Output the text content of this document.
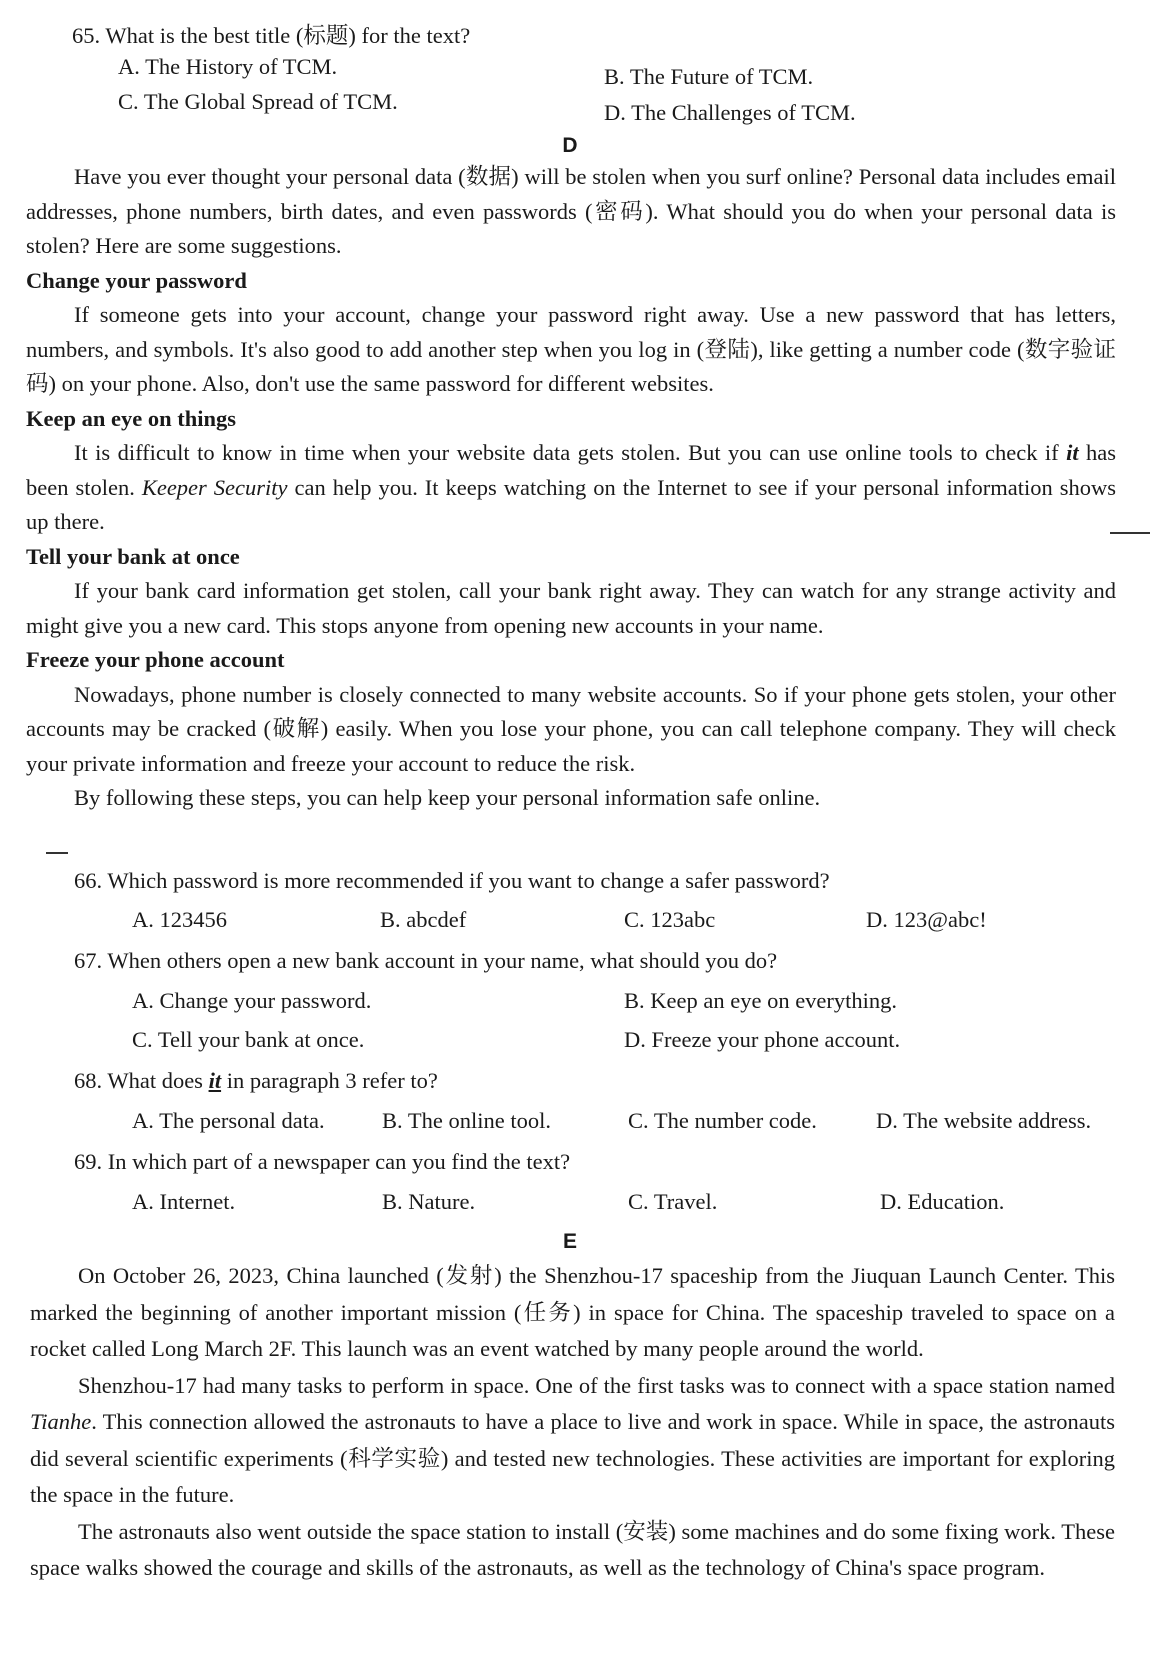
65. What is the best title (标题) for the text?
A. The History of TCM.	B. The Future of TCM.
C. The Global Spread of TCM.	D. The Challenges of TCM.
D

Have you ever thought your personal data (数据) will be stolen when you surf online? Personal data includes email addresses, phone numbers, birth dates, and even passwords (密码). What should you do when your personal data is stolen? Here are some suggestions.

Change your password

If someone gets into your account, change your password right away. Use a new password that has letters, numbers, and symbols. It's also good to add another step when you log in (登陆), like getting a number code (数字验证码) on your phone. Also, don't use the same password for different websites.

Keep an eye on things

It is difficult to know in time when your website data gets stolen. But you can use online tools to check if it has been stolen. Keeper Security can help you. It keeps watching on the Internet to see if your personal information shows up there.

Tell your bank at once

If your bank card information get stolen, call your bank right away. They can watch for any strange activity and might give you a new card. This stops anyone from opening new accounts in your name.

Freeze your phone account

Nowadays, phone number is closely connected to many website accounts. So if your phone gets stolen, your other accounts may be cracked (破解) easily. When you lose your phone, you can call telephone company. They will check your private information and freeze your account to reduce the risk.

By following these steps, you can help keep your personal information safe online.

66. Which password is more recommended if you want to change a safer password?
A. 123456	B. abcdef	C. 123abc	D. 123@abc!
67. When others open a new bank account in your name, what should you do?
A. Change your password.	B. Keep an eye on everything.
C. Tell your bank at once.	D. Freeze your phone account.
68. What does it in paragraph 3 refer to?
A. The personal data.	B. The online tool.	C. The number code.	D. The website address.
69. In which part of a newspaper can you find the text?
A. Internet.	B. Nature.	C. Travel.	D. Education.
E

On October 26, 2023, China launched (发射) the Shenzhou-17 spaceship from the Jiuquan Launch Center. This marked the beginning of another important mission (任务) in space for China. The spaceship traveled to space on a rocket called Long March 2F. This launch was an event watched by many people around the world.

Shenzhou-17 had many tasks to perform in space. One of the first tasks was to connect with a space station named Tianhe. This connection allowed the astronauts to have a place to live and work in space. While in space, the astronauts did several scientific experiments (科学实验) and tested new technologies. These activities are important for exploring the space in the future.

The astronauts also went outside the space station to install (安装) some machines and do some fixing work. These space walks showed the courage and skills of the astronauts, as well as the technology of China's space program.
